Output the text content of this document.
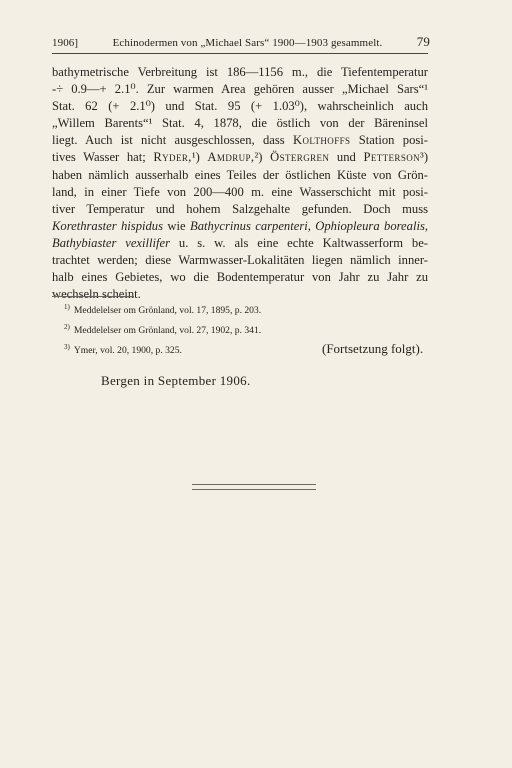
1906]	Echinodermen von „Michael Sars“ 1900—1903 gesammelt.	79
bathymetrische Verbreitung ist 186—1156 m., die Tiefentemperatur
-÷ 0.9—+ 2.1⁰. Zur warmen Area gehören ausser „Michael Sars“¹
Stat. 62 (+ 2.1⁰) und Stat. 95 (+ 1.03⁰), wahrscheinlich auch
„Willem Barents“¹ Stat. 4, 1878, die östlich von der Bäreninsel
liegt. Auch ist nicht ausgeschlossen, dass Kolthoffs Station posi-
tives Wasser hat; Ryder,¹) Amdrup,²) Östergren und Petterson³)
haben nämlich ausserhalb eines Teiles der östlichen Küste von Grön-
land, in einer Tiefe von 200—400 m. eine Wasserschicht mit posi-
tiver Temperatur und hohem Salzgehalte gefunden. Doch muss
Korethraster hispidus wie Bathycrinus carpenteri, Ophiopleura borealis,
Bathybiaster vexillifer u. s. w. als eine echte Kaltwasserform be-
trachtet werden; diese Warmwasser-Lokalitäten liegen nämlich inner-
halb eines Gebietes, wo die Bodentemperatur von Jahr zu Jahr zu
wechseln scheint.
$^{1)}$ Meddelelser om Grönland, vol. 17, 1895, p. 203.
$^{2)}$ Meddelelser om Grönland, vol. 27, 1902, p. 341.
$^{3)}$ Ymer, vol. 20, 1900, p. 325.	(Fortsetzung folgt).
Bergen in September 1906.
